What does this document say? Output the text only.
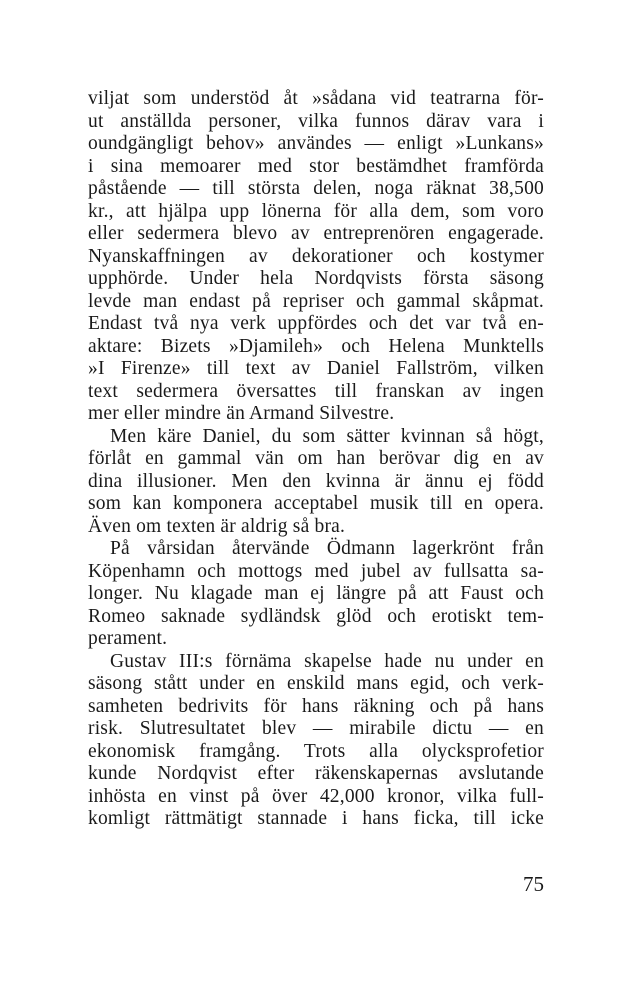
viljat som understöd åt »sådana vid teatrarna för-
ut anställda personer, vilka funnos därav vara i
oundgängligt behov» användes — enligt »Lunkans»
i sina memoarer med stor bestämdhet framförda
påstående — till största delen, noga räknat 38,500
kr., att hjälpa upp lönerna för alla dem, som voro
eller sedermera blevo av entreprenören engagerade.
Nyanskaffningen av dekorationer och kostymer
upphörde. Under hela Nordqvists första säsong
levde man endast på repriser och gammal skåpmat.
Endast två nya verk uppfördes och det var två en-
aktare: Bizets »Djamileh» och Helena Munktells
»I Firenze» till text av Daniel Fallström, vilken
text sedermera översattes till franskan av ingen
mer eller mindre än Armand Silvestre.
Men käre Daniel, du som sätter kvinnan så högt,
förlåt en gammal vän om han berövar dig en av
dina illusioner. Men den kvinna är ännu ej född
som kan komponera acceptabel musik till en opera.
Även om texten är aldrig så bra.
På vårsidan återvände Ödmann lagerkrönt från
Köpenhamn och mottogs med jubel av fullsatta sa-
longer. Nu klagade man ej längre på att Faust och
Romeo saknade sydländsk glöd och erotiskt tem-
perament.
Gustav III:s förnäma skapelse hade nu under en
säsong stått under en enskild mans egid, och verk-
samheten bedrivits för hans räkning och på hans
risk. Slutresultatet blev — mirabile dictu — en
ekonomisk framgång. Trots alla olycksprofetior
kunde Nordqvist efter räkenskapernas avslutande
inhösta en vinst på över 42,000 kronor, vilka full-
komligt rättmätigt stannade i hans ficka, till icke
75
